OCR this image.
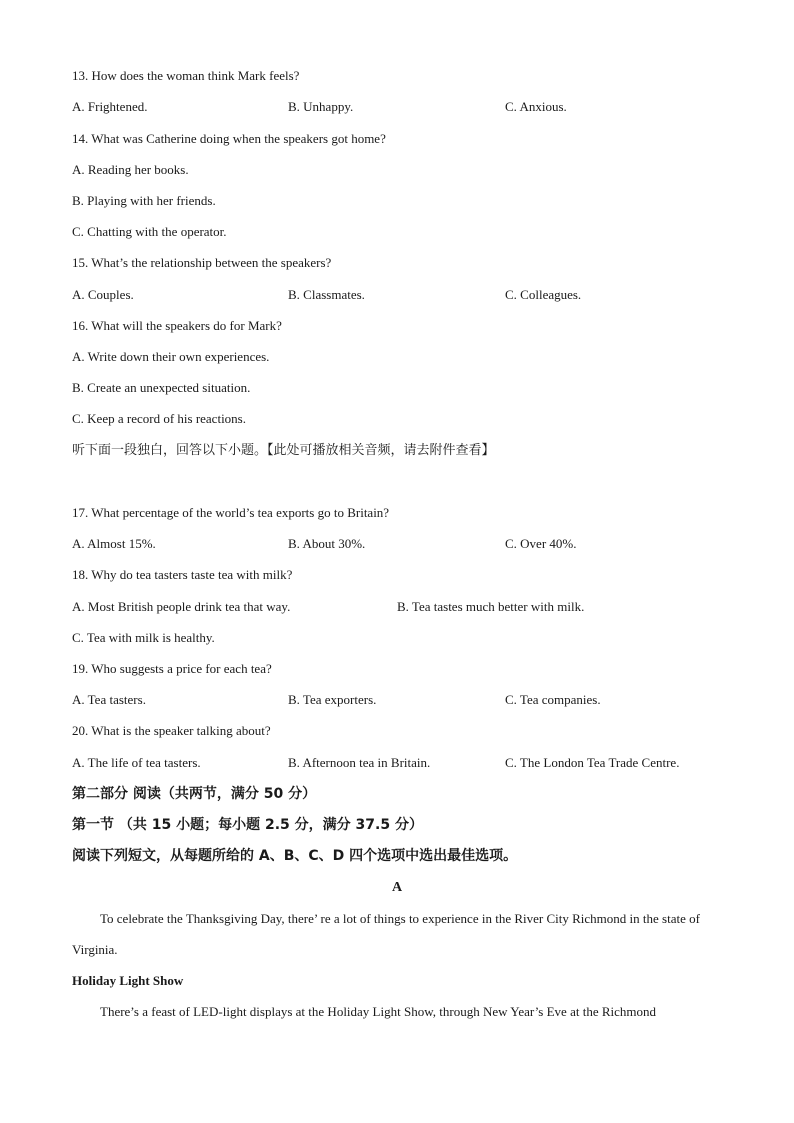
13. How does the woman think Mark feels?
A. Frightened.	B. Unhappy.	C. Anxious.
14. What was Catherine doing when the speakers got home?
A. Reading her books.
B. Playing with her friends.
C. Chatting with the operator.
15. What’s the relationship between the speakers?
A. Couples.	B. Classmates.	C. Colleagues.
16. What will the speakers do for Mark?
A. Write down their own experiences.
B. Create an unexpected situation.
C. Keep a record of his reactions.
听下面一段独白，回答以下小题。【此处可播放相关音频，请去附件查看】
17. What percentage of the world’s tea exports go to Britain?
A. Almost 15%.	B. About 30%.	C. Over 40%.
18. Why do tea tasters taste tea with milk?
A. Most British people drink tea that way.	B. Tea tastes much better with milk.
C. Tea with milk is healthy.
19. Who suggests a price for each tea?
A. Tea tasters.	B. Tea exporters.	C. Tea companies.
20. What is the speaker talking about?
A. The life of tea tasters.	B. Afternoon tea in Britain.	C. The London Tea Trade Centre.
第二部分 阅读（共两节，满分 50 分）
第一节 （共 15 小题；每小题 2.5 分，满分 37.5 分）
阅读下列短文，从每题所给的 A、B、C、D 四个选项中选出最佳选项。
A
To celebrate the Thanksgiving Day, there’ re a lot of things to experience in the River City Richmond in the state of Virginia.
Holiday Light Show
There’s a feast of LED-light displays at the Holiday Light Show, through New Year’s Eve at the Richmond
